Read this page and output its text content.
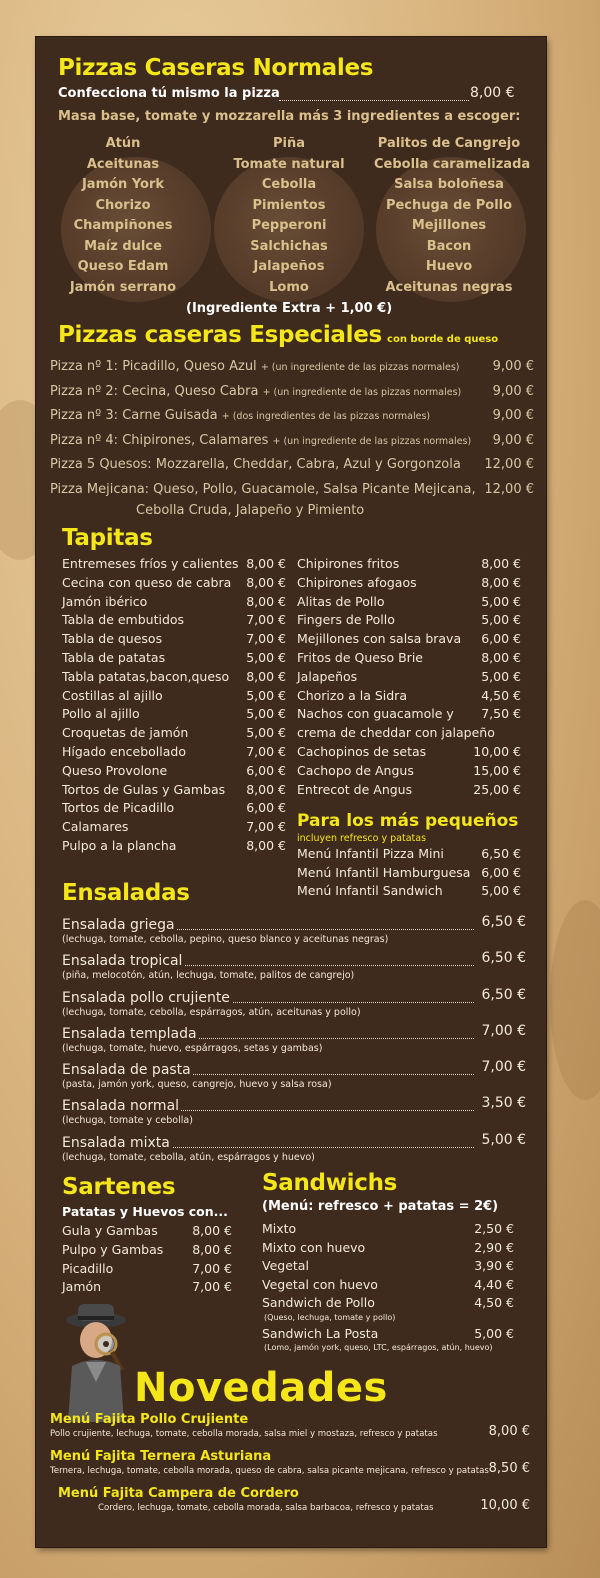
Pizzas Caseras Normales
Confecciona tú mismo la pizza	8,00 €
Masa base, tomate y mozzarella más 3 ingredientes a escoger:
Atún
Aceitunas
Jamón York
Chorizo
Champiñones
Maíz dulce
Queso Edam
Jamón serrano
Piña
Tomate natural
Cebolla
Pimientos
Pepperoni
Salchichas
Jalapeños
Lomo
Palitos de Cangrejo
Cebolla caramelizada
Salsa boloñesa
Pechuga de Pollo
Mejillones
Bacon
Huevo
Aceitunas negras
(Ingrediente Extra + 1,00 €)
Pizzas caseras Especiales con borde de queso
Pizza nº 1: Picadillo, Queso Azul + (un ingrediente de las pizzas normales)	9,00 €
Pizza nº 2: Cecina, Queso Cabra + (un ingrediente de las pizzas normales) 9,00 €
Pizza nº 3: Carne Guisada + (dos ingredientes de las pizzas normales)	9,00 €
Pizza nº 4: Chipirones, Calamares + (un ingrediente de las pizzas normales) 9,00 €
Pizza 5 Quesos: Mozzarella, Cheddar, Cabra, Azul y Gorgonzola 12,00 €
Pizza Mejicana: Queso, Pollo, Guacamole, Salsa Picante Mejicana, 12,00 €
Cebolla Cruda, Jalapeño y Pimiento
Tapitas
Entremeses fríos y calientes 8,00 €
Cecina con queso de cabra 8,00 €
Jamón ibérico	8,00 €
Tabla de embutidos	7,00 €
Tabla de quesos	7,00 €
Tabla de patatas	5,00 €
Tabla patatas,bacon,queso 8,00 €
Costillas al ajillo	5,00 €
Pollo al ajillo	5,00 €
Croquetas de jamón	5,00 €
Hígado encebollado	7,00 €
Queso Provolone	6,00 €
Tortos de Gulas y Gambas 8,00 €
Tortos de Picadillo	6,00 €
Calamares	7,00 €
Pulpo a la plancha	8,00 €
Chipirones fritos	8,00 €
Chipirones afogaos	8,00 €
Alitas de Pollo	5,00 €
Fingers de Pollo	5,00 €
Mejillones con salsa brava 6,00 €
Fritos de Queso Brie	8,00 €
Jalapeños	5,00 €
Chorizo a la Sidra	4,50 €
Nachos con guacamole y 7,50 €
crema de cheddar con jalapeño
Cachopinos de setas	10,00 €
Cachopo de Angus	15,00 €
Entrecot de Angus	25,00 €
Para los más pequeños
incluyen refresco y patatas
Menú Infantil Pizza Mini	6,50 €
Menú Infantil Hamburguesa 6,00 €
Menú Infantil Sandwich	5,00 €
Ensaladas
Ensalada griega	6,50 €
(lechuga, tomate, cebolla, pepino, queso blanco y aceitunas negras)
Ensalada tropical	6,50 €
(piña, melocotón, atún, lechuga, tomate, palitos de cangrejo)
Ensalada pollo crujiente	6,50 €
(lechuga, tomate, cebolla, espárragos, atún, aceitunas y pollo)
Ensalada templada	7,00 €
(lechuga, tomate, huevo, espárragos, setas y gambas)
Ensalada de pasta	7,00 €
(pasta, jamón york, queso, cangrejo, huevo y salsa rosa)
Ensalada normal	3,50 €
(lechuga, tomate y cebolla)
Ensalada mixta	5,00 €
(lechuga, tomate, cebolla, atún, espárragos y huevo)
Sartenes
Patatas y Huevos con...
Gula y Gambas	8,00 €
Pulpo y Gambas 8,00 €
Picadillo	7,00 €
Jamón	7,00 €
Sandwichs
(Menú: refresco + patatas = 2€)
Mixto	2,50 €
Mixto con huevo	2,90 €
Vegetal	3,90 €
Vegetal con huevo	4,40 €
Sandwich de Pollo	4,50 €
(Queso, lechuga, tomate y pollo)
Sandwich La Posta	5,00 €
(Lomo, jamón york, queso, LTC, espárragos, atún, huevo)
Novedades
Menú Fajita Pollo Crujiente
Pollo crujiente, lechuga, tomate, cebolla morada, salsa miel y mostaza, refresco y patatas	8,00 €
Menú Fajita Ternera Asturiana
Ternera, lechuga, tomate, cebolla morada, queso de cabra, salsa picante mejicana, refresco y patatas 8,50 €
Menú Fajita Campera de Cordero
Cordero, lechuga, tomate, cebolla morada, salsa barbacoa, refresco y patatas	10,00 €
